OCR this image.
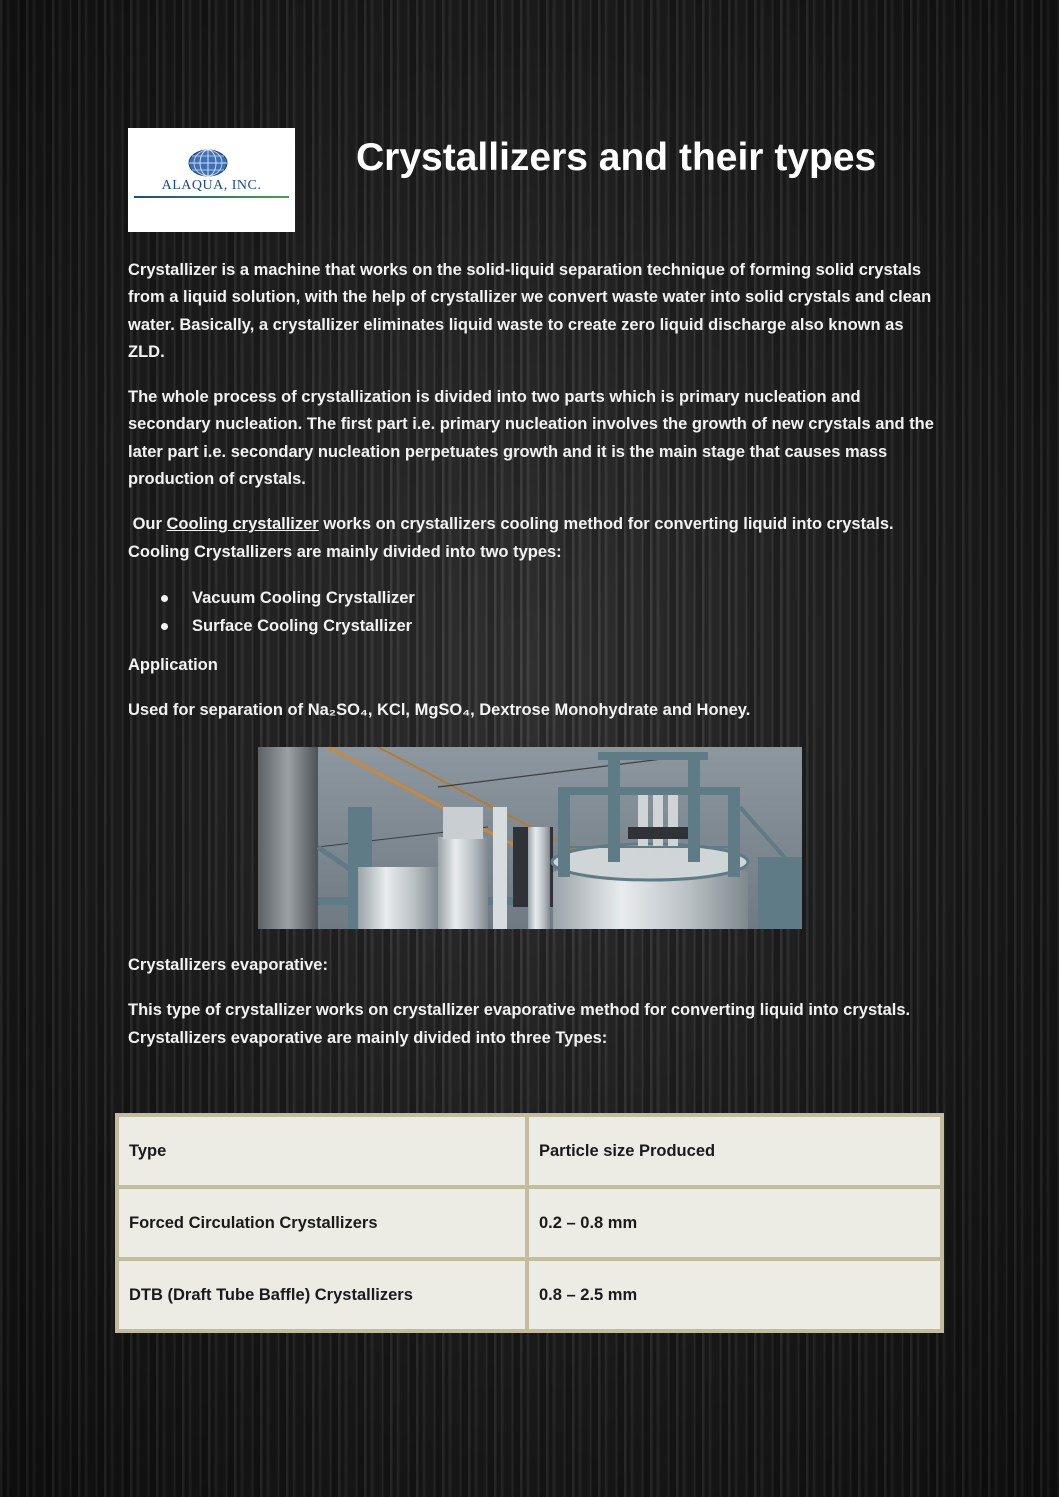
ALAQUA, INC.
Crystallizers and their types

Crystallizer is a machine that works on the solid-liquid separation technique of forming solid crystals from a liquid solution, with the help of crystallizer we convert waste water into solid crystals and clean water. Basically, a crystallizer eliminates liquid waste to create zero liquid discharge also known as ZLD.

The whole process of crystallization is divided into two parts which is primary nucleation and secondary nucleation. The first part i.e. primary nucleation involves the growth of new crystals and the later part i.e. secondary nucleation perpetuates growth and it is the main stage that causes mass production of crystals.

Our Cooling crystallizer works on crystallizers cooling method for converting liquid into crystals. Cooling Crystallizers are mainly divided into two types:

Vacuum Cooling Crystallizer
Surface Cooling Crystallizer

Application

Used for separation of Na₂SO₄, KCl, MgSO₄, Dextrose Monohydrate and Honey.

Crystallizers evaporative:

This type of crystallizer works on crystallizer evaporative method for converting liquid into crystals. Crystallizers evaporative are mainly divided into three Types:

Type	Particle size Produced
Forced Circulation Crystallizers	0.2 – 0.8 mm
DTB (Draft Tube Baffle) Crystallizers	0.8 – 2.5 mm
